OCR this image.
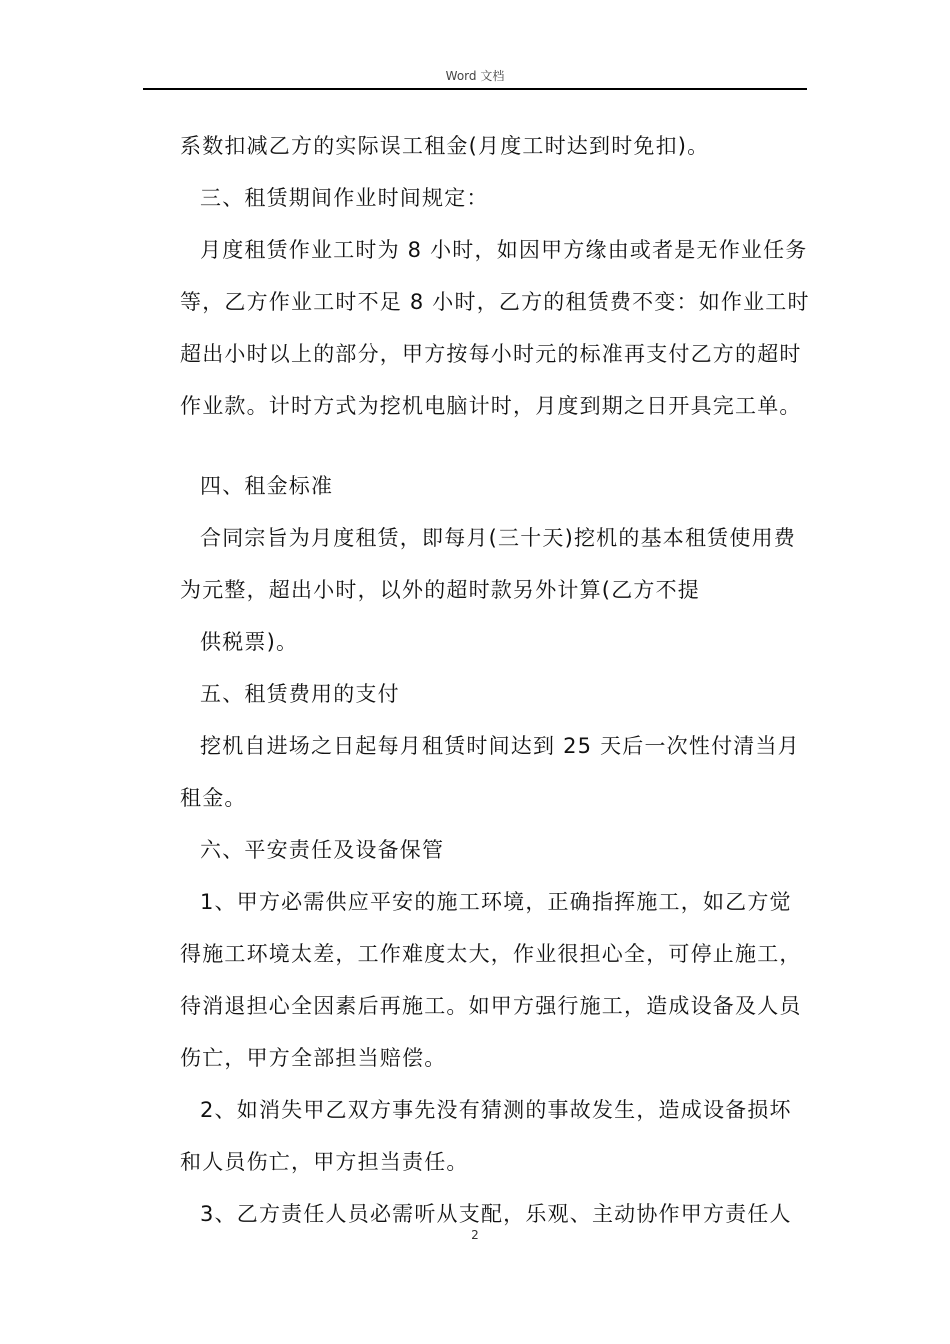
Word 文档

系数扣减乙方的实际误工租金(月度工时达到时免扣)。

三、租赁期间作业时间规定：

月度租赁作业工时为 8 小时，如因甲方缘由或者是无作业任务

等，乙方作业工时不足 8 小时，乙方的租赁费不变：如作业工时

超出小时以上的部分，甲方按每小时元的标准再支付乙方的超时

作业款。计时方式为挖机电脑计时，月度到期之日开具完工单。

四、租金标准

合同宗旨为月度租赁，即每月(三十天)挖机的基本租赁使用费

为元整，超出小时，以外的超时款另外计算(乙方不提

供税票)。

五、租赁费用的支付

挖机自进场之日起每月租赁时间达到 25 天后一次性付清当月

租金。

六、平安责任及设备保管

1、甲方必需供应平安的施工环境，正确指挥施工，如乙方觉

得施工环境太差，工作难度太大，作业很担心全，可停止施工，

待消退担心全因素后再施工。如甲方强行施工，造成设备及人员

伤亡，甲方全部担当赔偿。

2、如消失甲乙双方事先没有猜测的事故发生，造成设备损坏

和人员伤亡，甲方担当责任。

3、乙方责任人员必需听从支配，乐观、主动协作甲方责任人

2
